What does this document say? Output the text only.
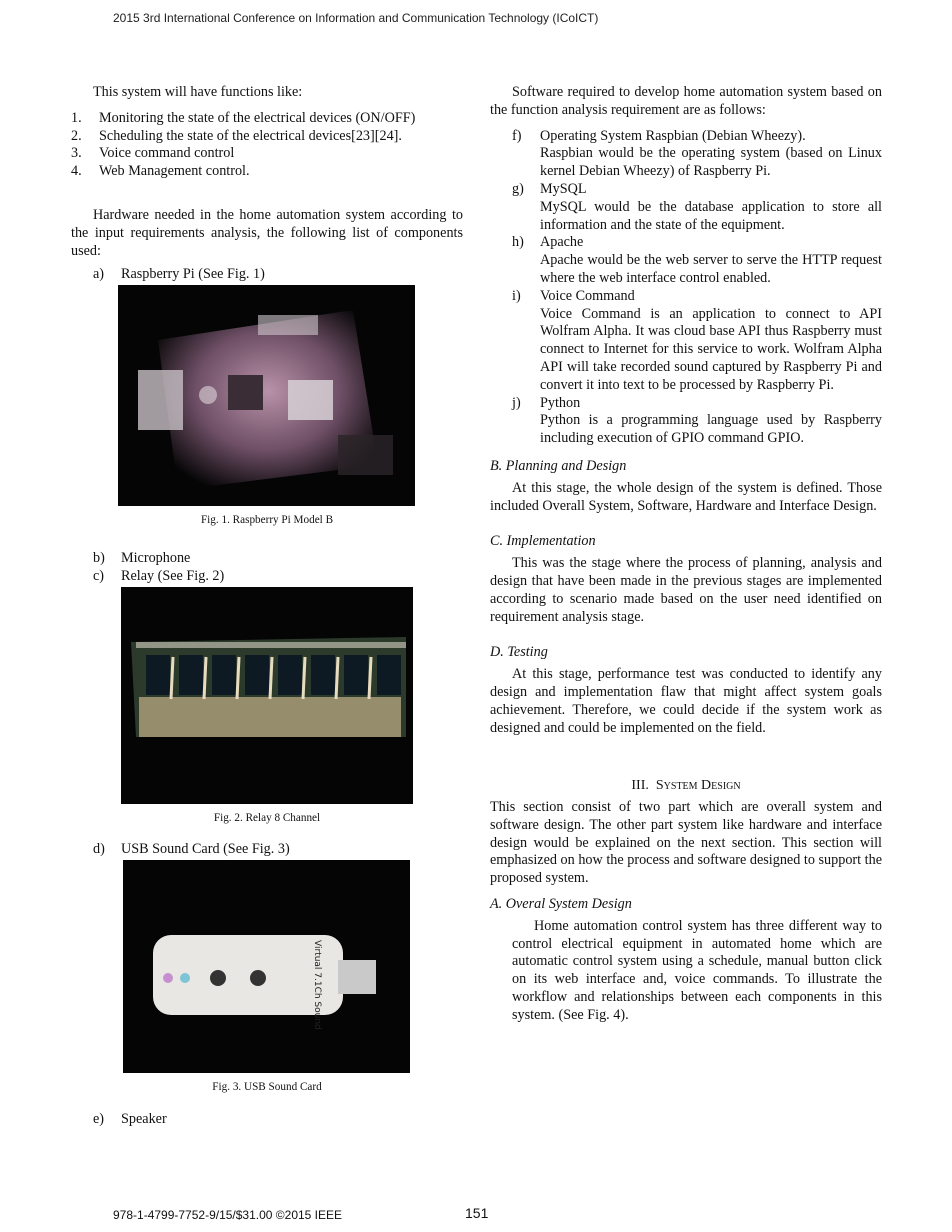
2015 3rd International Conference on Information and Communication Technology (ICoICT)

This system will have functions like:

1. Monitoring the state of the electrical devices (ON/OFF)
2. Scheduling the state of the electrical devices[23][24].
3. Voice command control
4. Web Management control.

Hardware needed in the home automation system according to the input requirements analysis, the following list of components used:

a) Raspberry Pi (See Fig. 1)

Fig. 1. Raspberry Pi Model B

b) Microphone
c) Relay (See Fig. 2)

Fig. 2. Relay 8 Channel

d) USB Sound Card (See Fig. 3)
Virtual 7.1Ch Sound

Fig. 3. USB Sound Card

e) Speaker

Software required to develop home automation system based on the function analysis requirement are as follows:

f) Operating System Raspbian (Debian Wheezy).
Raspbian would be the operating system (based on Linux kernel Debian Wheezy) of Raspberry Pi.
g) MySQL
MySQL would be the database application to store all information and the state of the equipment.
h) Apache
Apache would be the web server to serve the HTTP request where the web interface control enabled.
i) Voice Command
Voice Command is an application to connect to API Wolfram Alpha. It was cloud base API thus Raspberry must connect to Internet for this service to work. Wolfram Alpha API will take recorded sound captured by Raspberry Pi and convert it into text to be processed by Raspberry Pi.
j) Python
Python is a programming language used by Raspberry including execution of GPIO command GPIO.

B. Planning and Design

At this stage, the whole design of the system is defined. Those included Overall System, Software, Hardware and Interface Design.

C. Implementation

This was the stage where the process of planning, analysis and design that have been made in the previous stages are implemented according to scenario made based on the user need identified on requirement analysis stage.

D. Testing

At this stage, performance test was conducted to identify any design and implementation flaw that might affect system goals achievement. Therefore, we could decide if the system work as designed and could be implemented on the field.

III. System Design

This section consist of two part which are overall system and software design. The other part system like hardware and interface design would be explained on the next section. This section will emphasized on how the process and software designed to support the proposed system.

A. Overal System Design

Home automation control system has three different way to control electrical equipment in automated home which are automatic control system using a schedule, manual button click on its web interface and, voice commands. To illustrate the workflow and relationships between each components in this system. (See Fig. 4).

978-1-4799-7752-9/15/$31.00 ©2015 IEEE	151
